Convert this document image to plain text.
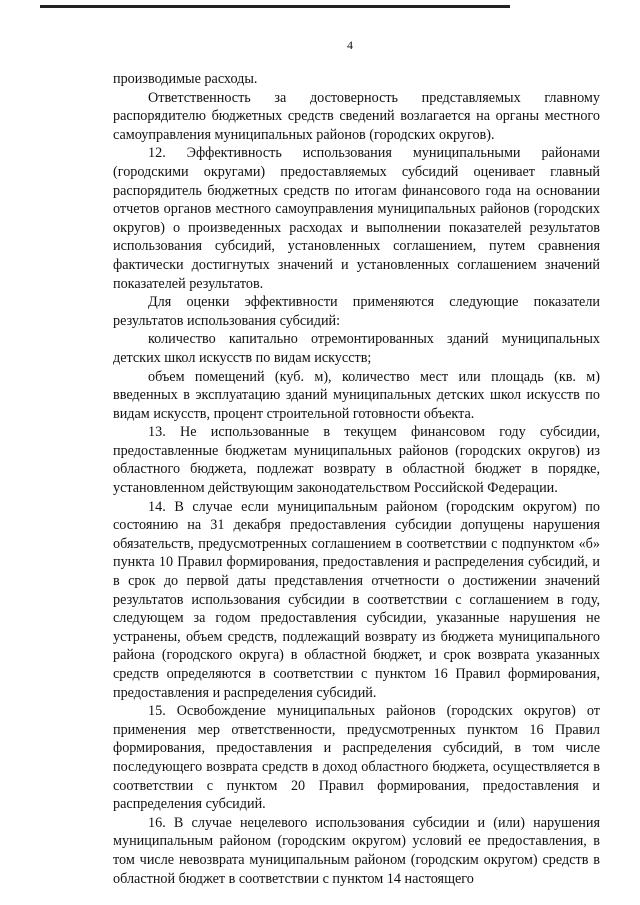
4

производимые расходы.

Ответственность за достоверность представляемых главному распорядителю бюджетных средств сведений возлагается на органы местного самоуправления муниципальных районов (городских округов).

12. Эффективность использования муниципальными районами (городскими округами) предоставляемых субсидий оценивает главный распорядитель бюджетных средств по итогам финансового года на основании отчетов органов местного самоуправления муниципальных районов (городских округов) о произведенных расходах и выполнении показателей результатов использования субсидий, установленных соглашением, путем сравнения фактически достигнутых значений и установленных соглашением значений показателей результатов.

Для оценки эффективности применяются следующие показатели результатов использования субсидий:

количество капитально отремонтированных зданий муниципальных детских школ искусств по видам искусств;

объем помещений (куб. м), количество мест или площадь (кв. м) введенных в эксплуатацию зданий муниципальных детских школ искусств по видам искусств, процент строительной готовности объекта.

13. Не использованные в текущем финансовом году субсидии, предоставленные бюджетам муниципальных районов (городских округов) из областного бюджета, подлежат возврату в областной бюджет в порядке, установленном действующим законодательством Российской Федерации.

14. В случае если муниципальным районом (городским округом) по состоянию на 31 декабря предоставления субсидии допущены нарушения обязательств, предусмотренных соглашением в соответствии с подпунктом «б» пункта 10 Правил формирования, предоставления и распределения субсидий, и в срок до первой даты представления отчетности о достижении значений результатов использования субсидии в соответствии с соглашением в году, следующем за годом предоставления субсидии, указанные нарушения не устранены, объем средств, подлежащий возврату из бюджета муниципального района (городского округа) в областной бюджет, и срок возврата указанных средств определяются в соответствии с пунктом 16 Правил формирования, предоставления и распределения субсидий.

15. Освобождение муниципальных районов (городских округов) от применения мер ответственности, предусмотренных пунктом 16 Правил формирования, предоставления и распределения субсидий, в том числе последующего возврата средств в доход областного бюджета, осуществляется в соответствии с пунктом 20 Правил формирования, предоставления и распределения субсидий.

16. В случае нецелевого использования субсидии и (или) нарушения муниципальным районом (городским округом) условий ее предоставления, в том числе невозврата муниципальным районом (городским округом) средств в областной бюджет в соответствии с пунктом 14 настоящего
